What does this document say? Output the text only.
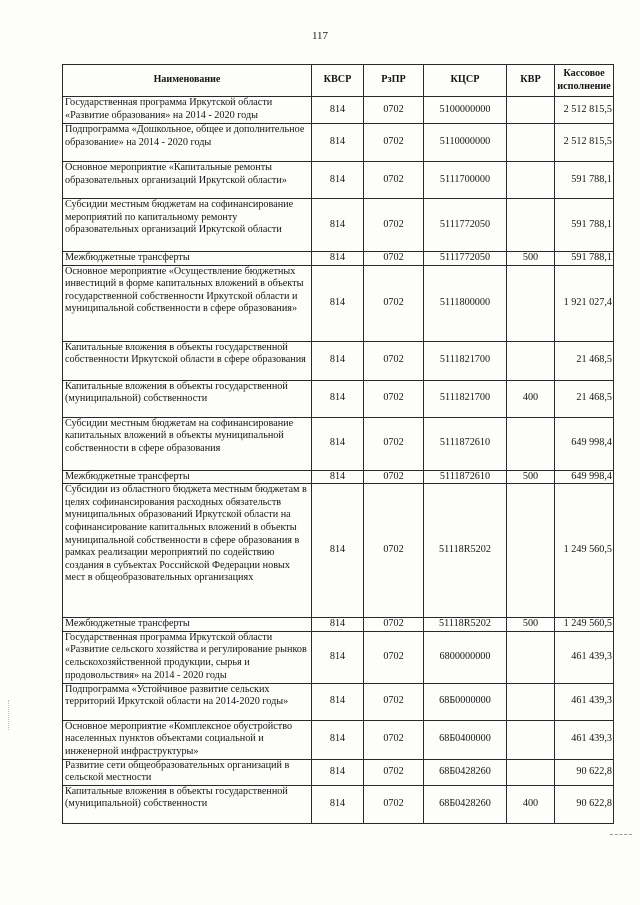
117
Наименование	КВСР	РзПР	КЦСР	КВР	Кассовое
исполнение
Государственная программа Иркутской области «Развитие образования» на 2014 - 2020 годы	814	0702	5100000000		2 512 815,5
Подпрограмма «Дошкольное, общее и дополнительное образование» на 2014 - 2020 годы	814	0702	5110000000		2 512 815,5
Основное мероприятие «Капитальные ремонты образовательных организаций Иркутской области»	814	0702	5111700000		591 788,1
Субсидии местным бюджетам на софинансирование мероприятий по капитальному ремонту образовательных организаций Иркутской области	814	0702	5111772050		591 788,1
Межбюджетные трансферты	814	0702	5111772050	500	591 788,1
Основное мероприятие «Осуществление бюджетных инвестиций в форме капитальных вложений в объекты государственной собственности Иркутской области и муниципальной собственности в сфере образования»	814	0702	5111800000		1 921 027,4
Капитальные вложения в объекты государственной собственности Иркутской области в сфере образования	814	0702	5111821700		21 468,5
Капитальные вложения в объекты государственной (муниципальной) собственности	814	0702	5111821700	400	21 468,5
Субсидии местным бюджетам на софинансирование капитальных вложений в объекты муниципальной собственности в сфере образования	814	0702	5111872610		649 998,4
Межбюджетные трансферты	814	0702	5111872610	500	649 998,4
Субсидии из областного бюджета местным бюджетам в целях софинансирования расходных обязательств муниципальных образований Иркутской области на софинансирование капитальных вложений в объекты муниципальной собственности в сфере образования в рамках реализации мероприятий по содействию создания в субъектах Российской Федерации новых мест в общеобразовательных организациях	814	0702	51118R5202		1 249 560,5
Межбюджетные трансферты	814	0702	51118R5202	500	1 249 560,5
Государственная программа Иркутской области «Развитие сельского хозяйства и регулирование рынков сельскохозяйственной продукции, сырья и продовольствия» на 2014 - 2020 годы	814	0702	6800000000		461 439,3
Подпрограмма «Устойчивое развитие сельских территорий Иркутской области на 2014-2020 годы»	814	0702	68Б0000000		461 439,3
Основное мероприятие «Комплексное обустройство населенных пунктов объектами социальной и инженерной инфраструктуры»	814	0702	68Б0400000		461 439,3
Развитие сети общеобразовательных организаций в сельской местности	814	0702	68Б0428260		90 622,8
Капитальные вложения в объекты государственной (муниципальной) собственности	814	0702	68Б0428260	400	90 622,8
